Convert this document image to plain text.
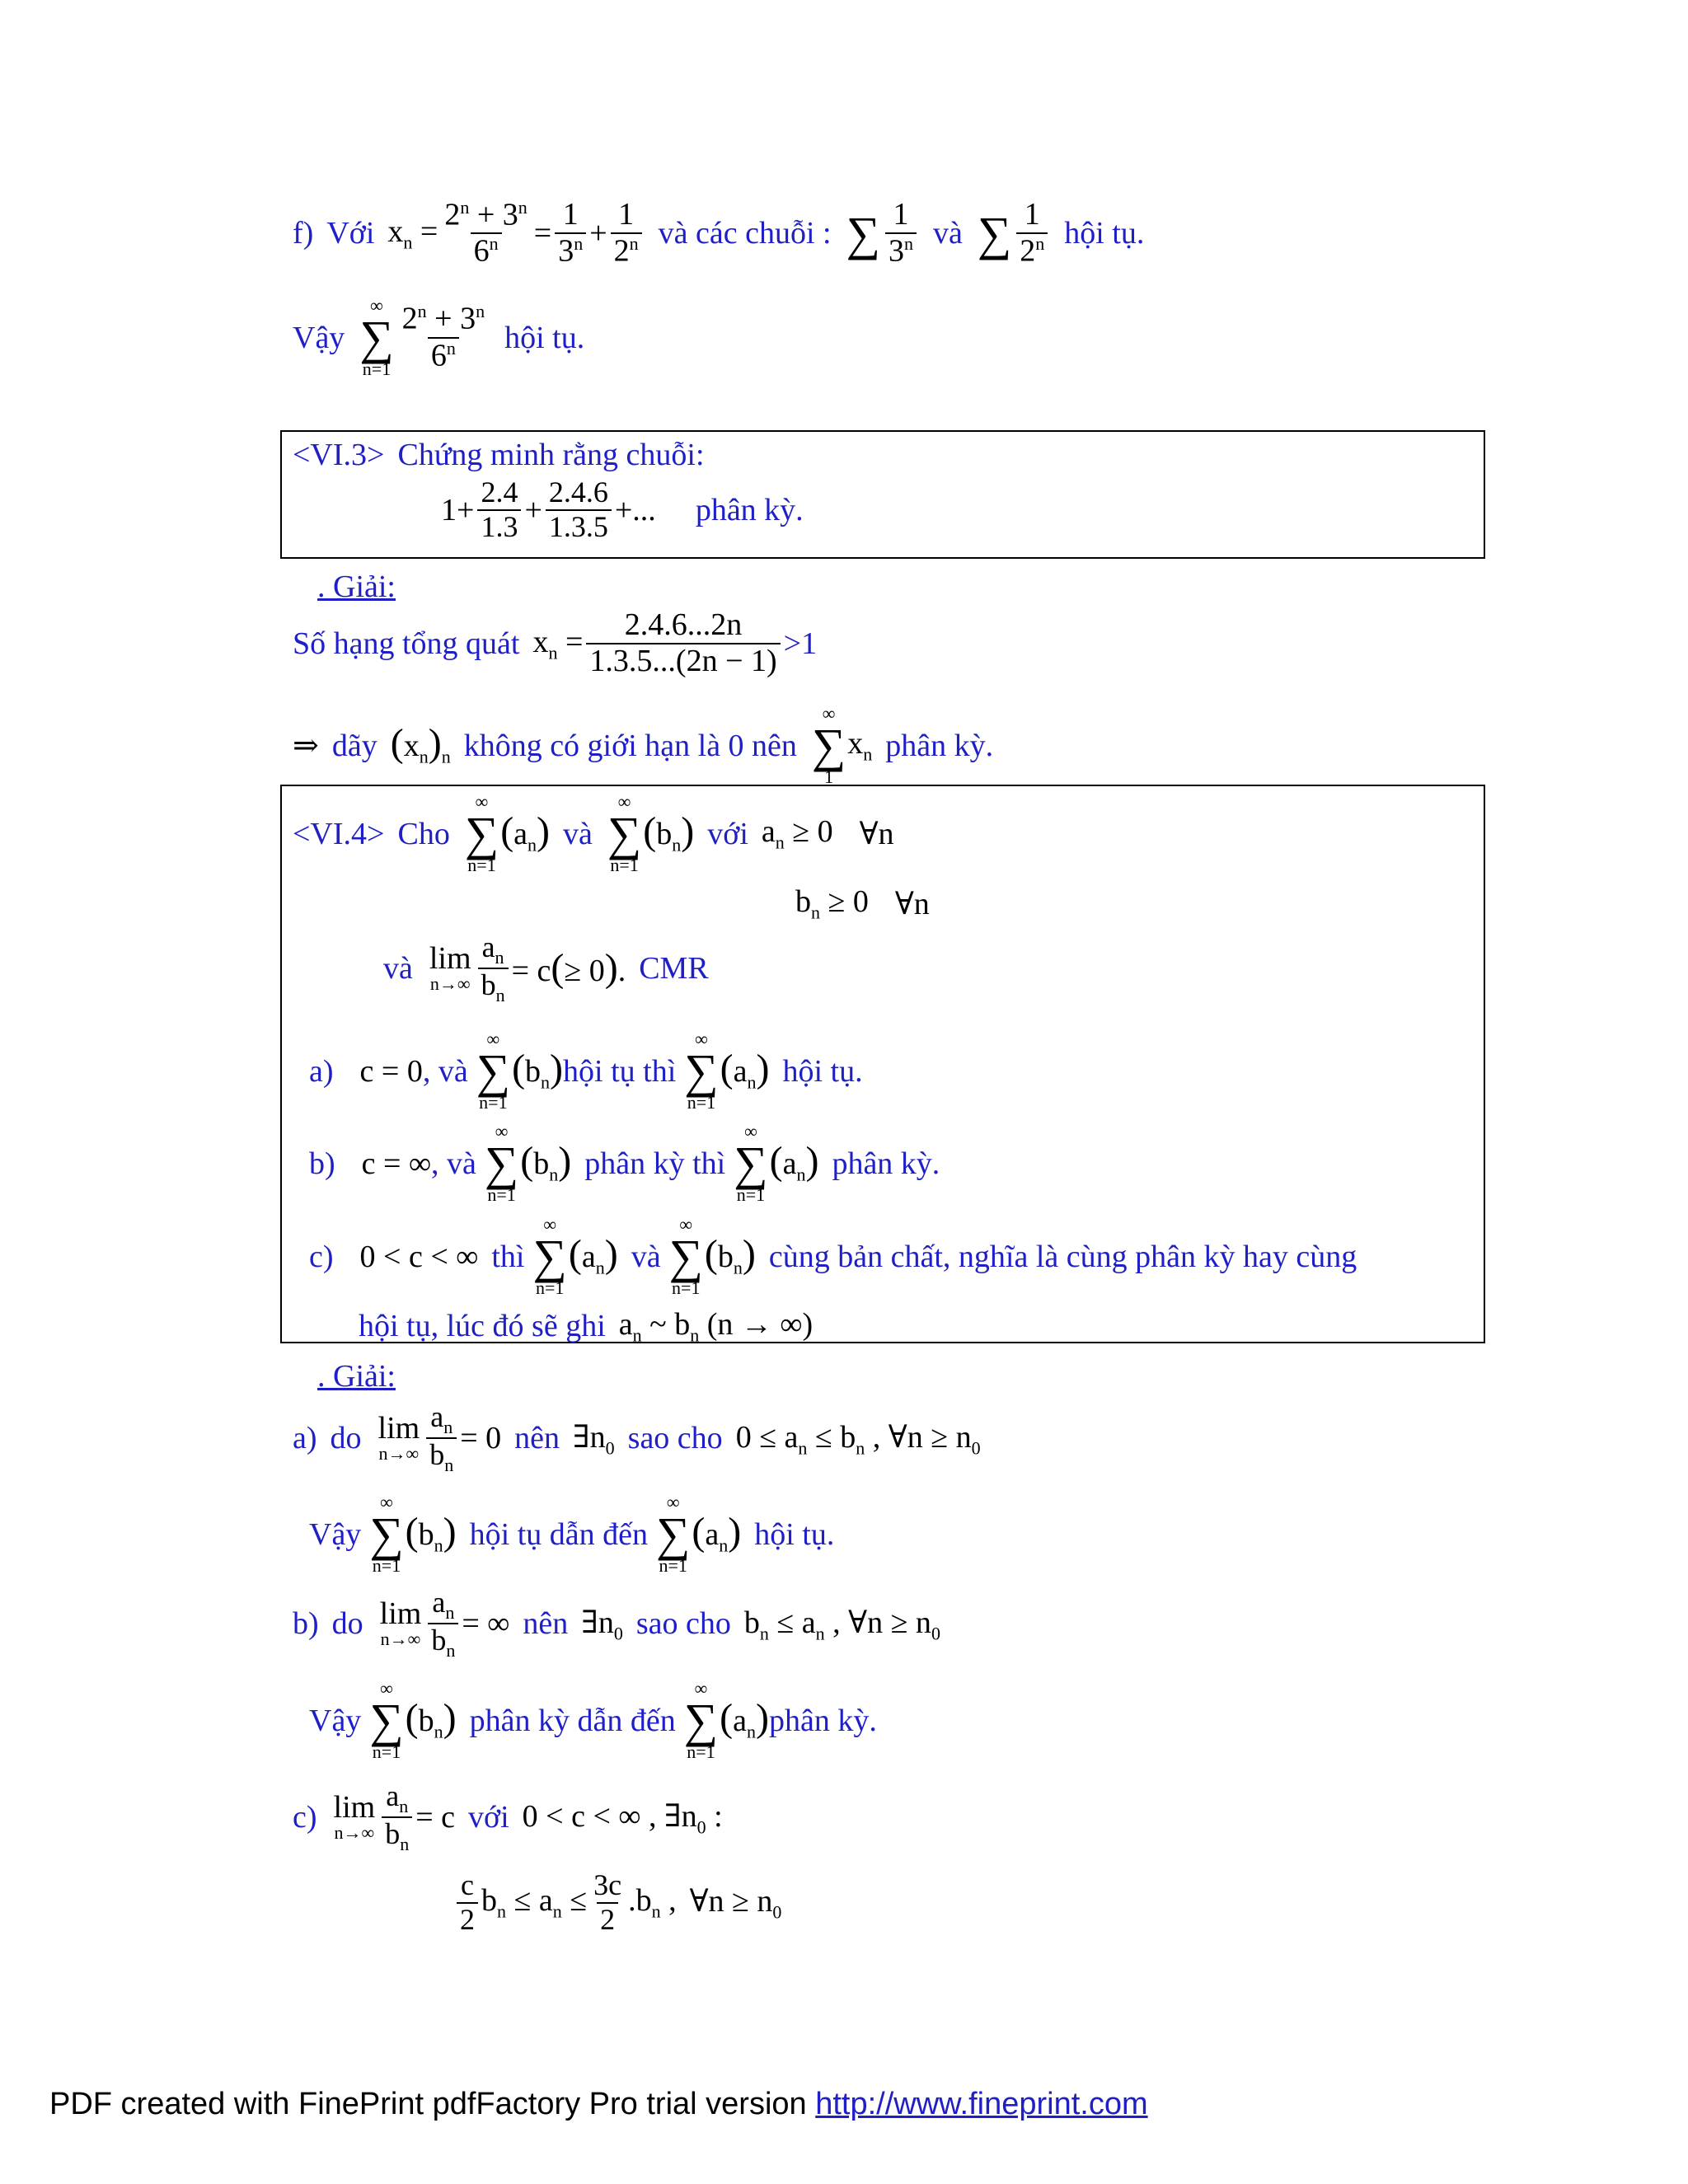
f) Với $x_n = \frac{2^n + 3^n}{6^n} = \frac{1}{3^n} + \frac{1}{2^n}$ và các chuỗi : ∑ $\frac{1}{3^n}$ và ∑ $\frac{1}{2^n}$ hội tụ.
Vậy
∞
∑
$n=1 \frac{2^n + 3^n}{6^n}$ hội tụ.
<VI.3> Chứng minh rằng chuỗi:
$1+ \frac{2.4}{1.3} + \frac{2.4.6}{1.3.5}$ +... phân kỳ.
. Giải:
Số hạng tổng quát $x_n = \frac{2.4.6...2n}{1.3.5...(2n - 1)} >1$
⇒ dãy $(x_n)_n$ không có giới hạn là 0 nên
∞
∑
1
$x_n$ phân kỳ.
<VI.4> Cho
∞
∑
n=1
$(a_n)$ và
∞
∑
n=1
$(b_n)$ với $a_n \ge 0$ ∀n
$b_n \ge 0$ ∀n
và lim
$n\to\infty \frac{a_n}{b_n} = c(\ge 0)$. CMR
a) c = 0 , và
∞
∑
n=1
$(b_n)$ hội tụ thì
∞
∑
n=1
$(a_n)$ hội tụ.
b) c = ∞ , và
∞
∑
n=1
$(b_n)$ phân kỳ thì
∞
∑
n=1
$(a_n)$ phân kỳ.
c) 0 < c < ∞ thì
∞
∑
n=1
$(a_n)$ và
∞
∑
n=1
$(b_n)$ cùng bản chất, nghĩa là cùng phân kỳ hay cùng
hội tụ, lúc đó sẽ ghi $a_n$ ~ $b_n$ (n → ∞)
. Giải:
a) do lim
$n\to\infty \frac{a_n}{b_n} = 0$ nên $\exists n_0$ sao cho $0 \le a_n \le b_n$ , ∀n ≥ $n_0$
Vậy
∞
∑
n=1
$(b_n)$ hội tụ dẫn đến
∞
∑
n=1
$(a_n)$ hội tụ.
b) do lim
$n\to\infty \frac{a_n}{b_n}$ = ∞ nên $\exists n_0$ sao cho $b_n \le a_n$ , ∀n ≥ $n_0$
Vậy
∞
∑
n=1
$(b_n)$ phân kỳ dẫn đến
∞
∑
n=1
$(a_n)$ phân kỳ.
c) lim
$n\to\infty \frac{a_n}{b_n} = c$ với 0 < c < ∞ , $\exists n_0$ :
$\frac{c}{2} b_n \le a_n \le \frac{3c}{2} .b_n$ , ∀n ≥ $n_0$
PDF created with FinePrint pdfFactory Pro trial version http://www.fineprint.com
